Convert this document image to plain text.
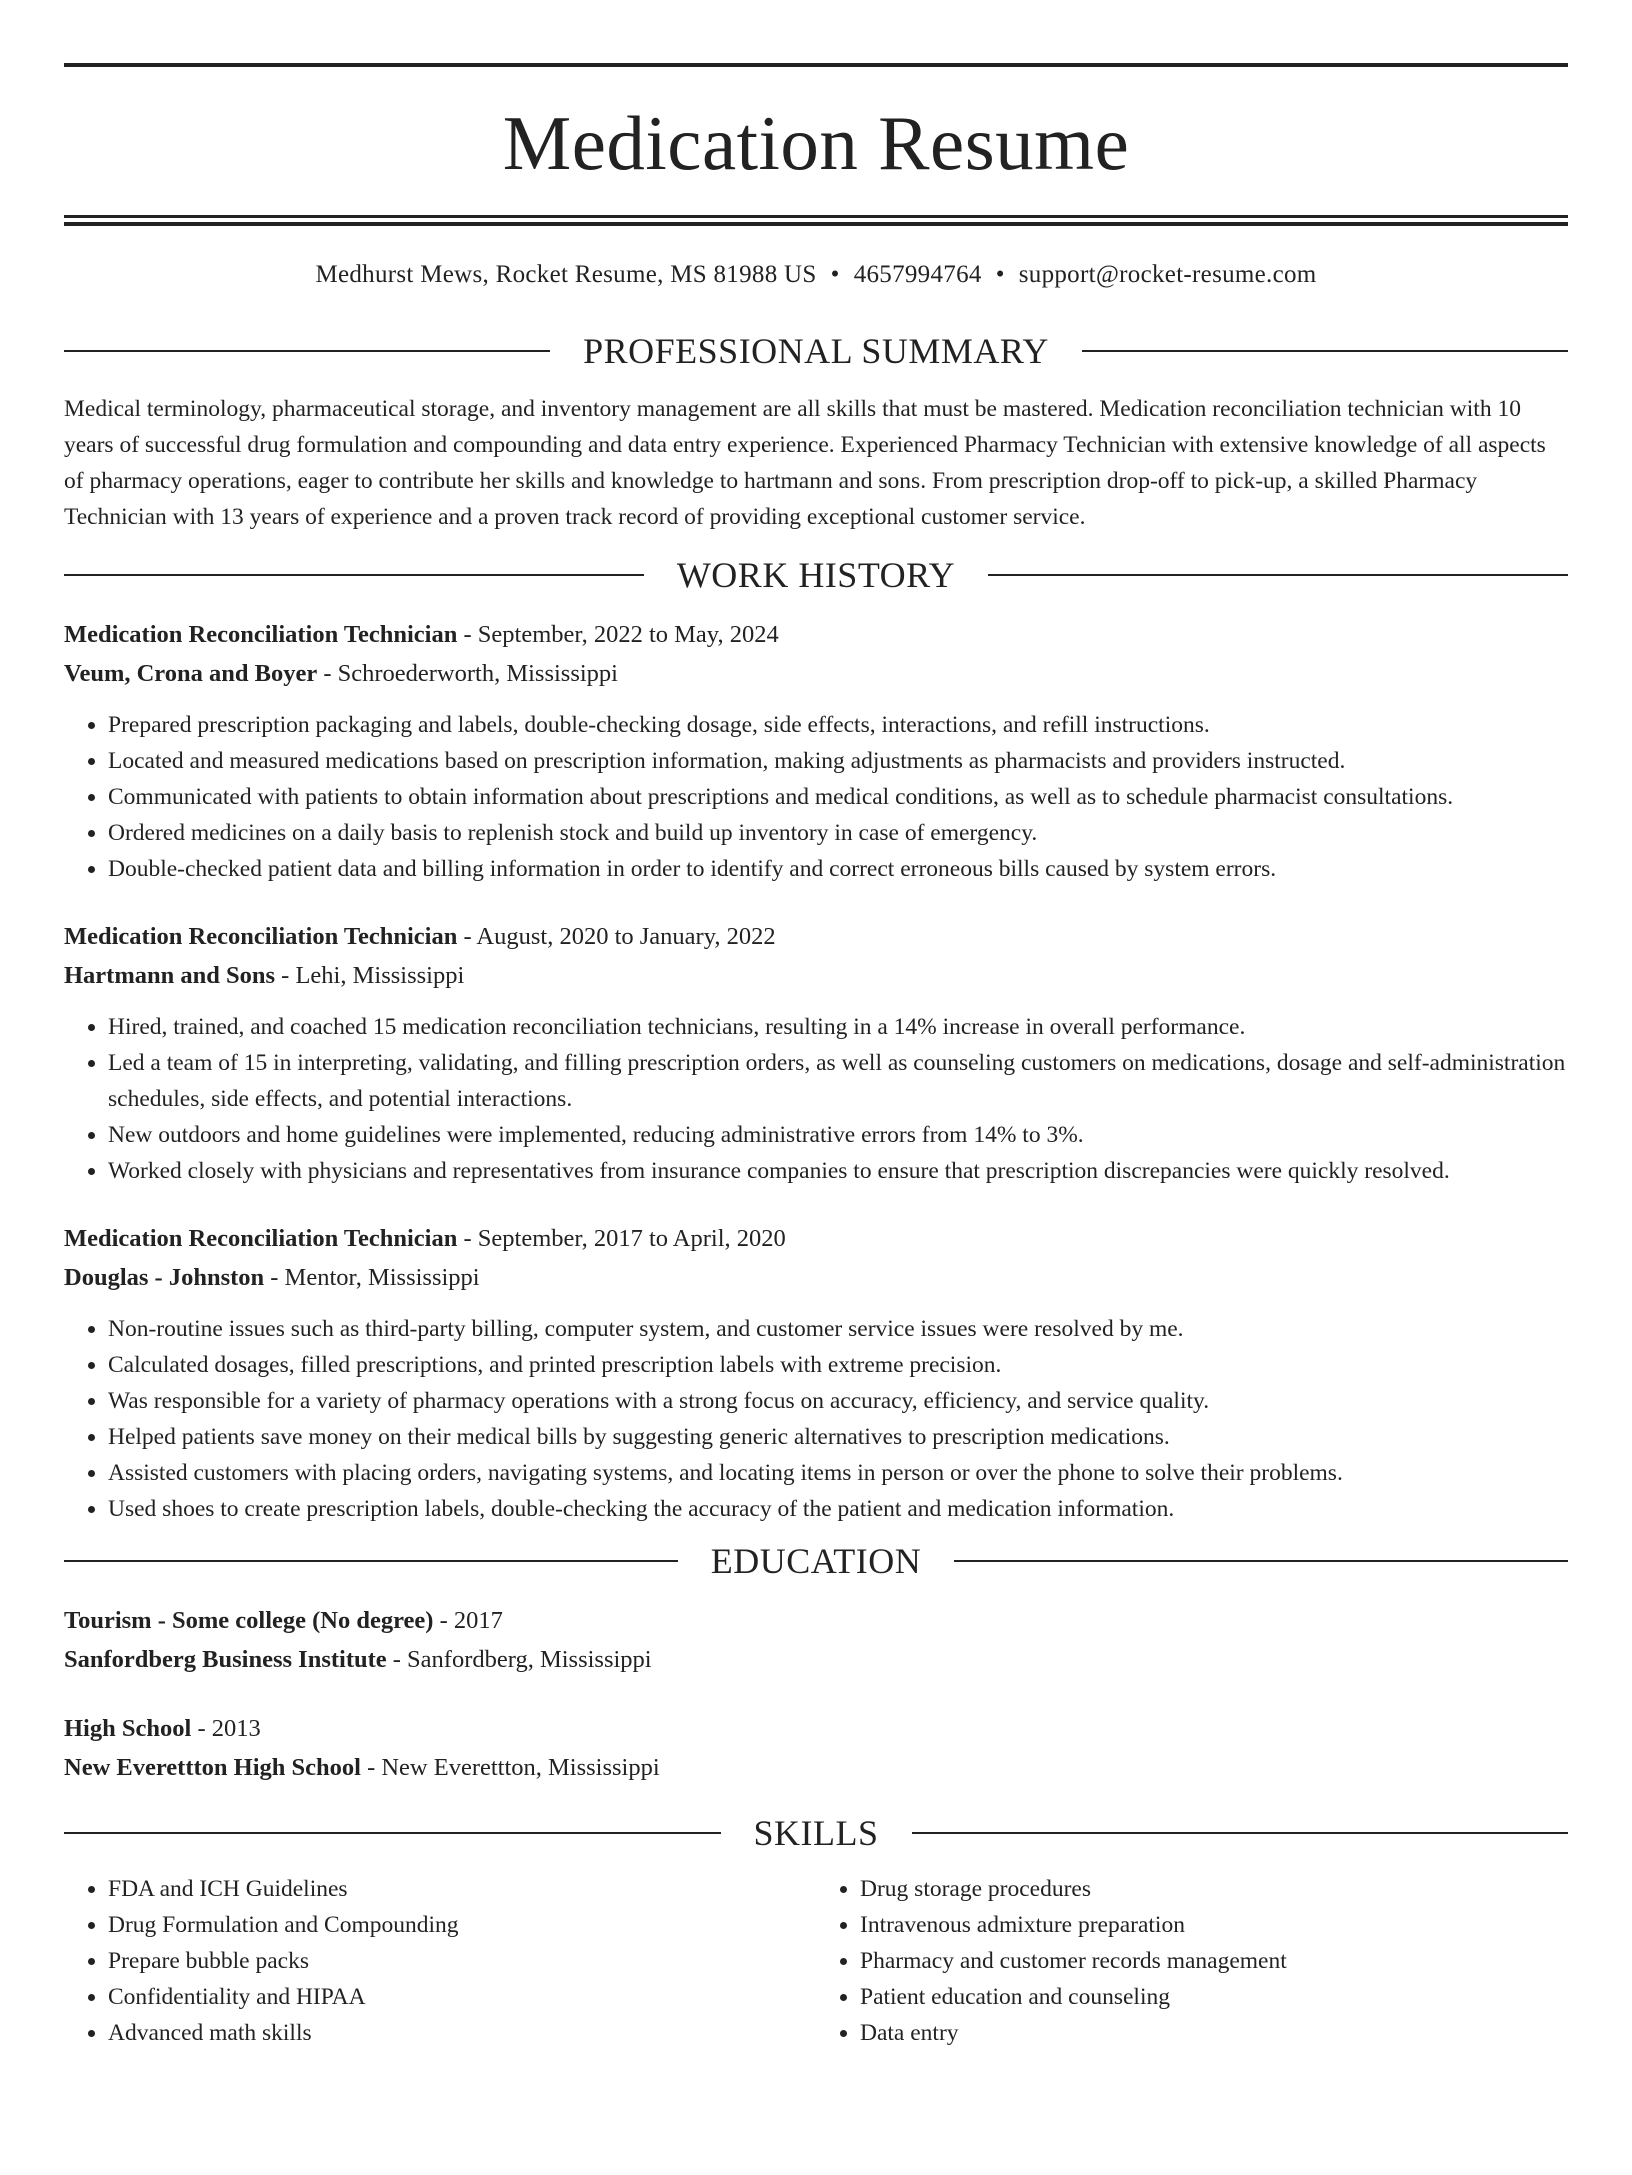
Medication Resume
Medhurst Mews, Rocket Resume, MS 81988 US • 4657994764 • support@rocket-resume.com
PROFESSIONAL SUMMARY

Medical terminology, pharmaceutical storage, and inventory management are all skills that must be mastered. Medication reconciliation technician with 10 years of successful drug formulation and compounding and data entry experience. Experienced Pharmacy Technician with extensive knowledge of all aspects of pharmacy operations, eager to contribute her skills and knowledge to hartmann and sons. From prescription drop-off to pick-up, a skilled Pharmacy Technician with 13 years of experience and a proven track record of providing exceptional customer service.

WORK HISTORY
Medication Reconciliation Technician - September, 2022 to May, 2024
Veum, Crona and Boyer - Schroederworth, Mississippi
• Prepared prescription packaging and labels, double-checking dosage, side effects, interactions, and refill instructions.
• Located and measured medications based on prescription information, making adjustments as pharmacists and providers instructed.
• Communicated with patients to obtain information about prescriptions and medical conditions, as well as to schedule pharmacist consultations.
• Ordered medicines on a daily basis to replenish stock and build up inventory in case of emergency.
• Double-checked patient data and billing information in order to identify and correct erroneous bills caused by system errors.
Medication Reconciliation Technician - August, 2020 to January, 2022
Hartmann and Sons - Lehi, Mississippi
• Hired, trained, and coached 15 medication reconciliation technicians, resulting in a 14% increase in overall performance.
• Led a team of 15 in interpreting, validating, and filling prescription orders, as well as counseling customers on medications, dosage and self-administration schedules, side effects, and potential interactions.
• New outdoors and home guidelines were implemented, reducing administrative errors from 14% to 3%.
• Worked closely with physicians and representatives from insurance companies to ensure that prescription discrepancies were quickly resolved.
Medication Reconciliation Technician - September, 2017 to April, 2020
Douglas - Johnston - Mentor, Mississippi
• Non-routine issues such as third-party billing, computer system, and customer service issues were resolved by me.
• Calculated dosages, filled prescriptions, and printed prescription labels with extreme precision.
• Was responsible for a variety of pharmacy operations with a strong focus on accuracy, efficiency, and service quality.
• Helped patients save money on their medical bills by suggesting generic alternatives to prescription medications.
• Assisted customers with placing orders, navigating systems, and locating items in person or over the phone to solve their problems.
• Used shoes to create prescription labels, double-checking the accuracy of the patient and medication information.
EDUCATION
Tourism - Some college (No degree) - 2017
Sanfordberg Business Institute - Sanfordberg, Mississippi
High School - 2013
New Everettton High School - New Everettton, Mississippi
SKILLS
• FDA and ICH Guidelines
• Drug Formulation and Compounding
• Prepare bubble packs
• Confidentiality and HIPAA
• Advanced math skills
• Drug storage procedures
• Intravenous admixture preparation
• Pharmacy and customer records management
• Patient education and counseling
• Data entry
